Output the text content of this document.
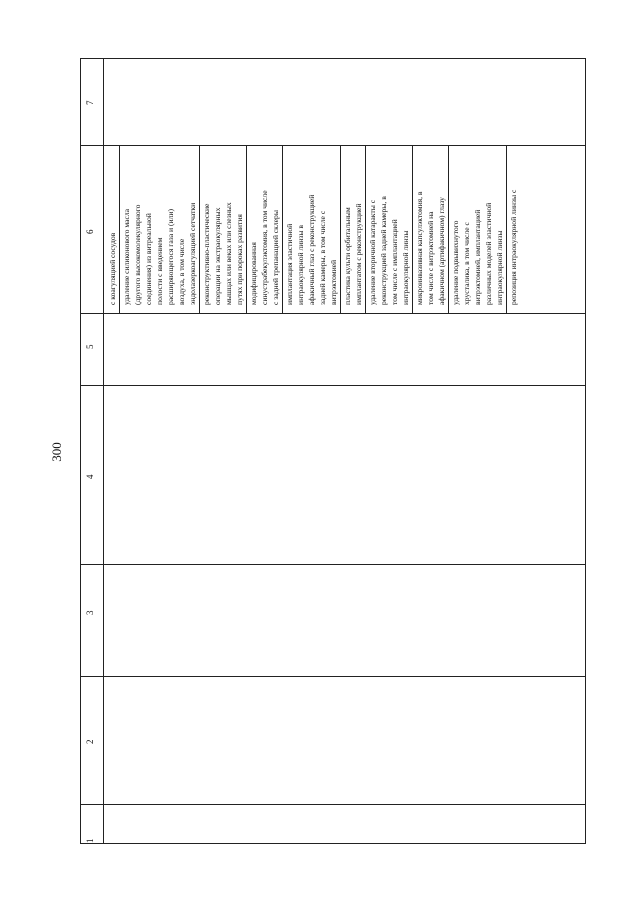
300
1
2
3
4
5
6
7
с коагуляцией сосудов удаление силиконового масла (другого высокомолекулярного соединения) из витреальной полости с введением расширяющегося газа и (или) воздуха, в том числе эндолазеркоагуляцией сетчатки реконструктивно-пластические операции на экстраокулярных мышцах или веках или слезных путях при пороках развития модифицированная синустрабекулэктомия, в том числе с задней трепанацией склеры имплантация эластичной интраокулярной линзы в афакичный глаз с реконструкцией задней камеры, в том числе с витрэктомией пластика культи орбитальным имплантатом с реконструкцией удаление вторичной катаракты с реконструкцией задней камеры, в том числе с имплантацией интраокулярной линзы микроинвазивная капсулэктомия, в том числе с витрэктомией на афакичном (артифакичном) глазу удаление подвывихнутого хрусталика, в том числе с витрэктомией, имплантацией различных моделей эластичной интраокулярной линзы репозиция интраокулярной линзы с
